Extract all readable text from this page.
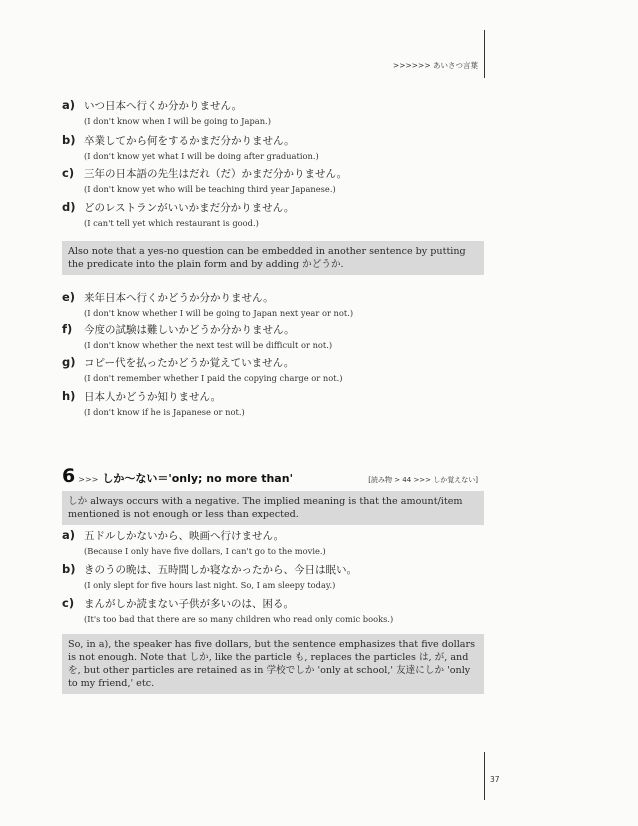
>>>>>> あいさつ言葉
37
a) いつ日本へ行くか分かりません。
(I don't know when I will be going to Japan.)
b) 卒業してから何をするかまだ分かりません。
(I don't know yet what I will be doing after graduation.)
c) 三年の日本語の先生はだれ（だ）かまだ分かりません。
(I don't know yet who will be teaching third year Japanese.)
d) どのレストランがいいかまだ分かりません。
(I can't tell yet which restaurant is good.)
Also note that a yes-no question can be embedded in another sentence by putting the predicate into the plain form and by adding かどうか.
e) 来年日本へ行くかどうか分かりません。
(I don't know whether I will be going to Japan next year or not.)
f)	今度の試験は難しいかどうか分かりません。
(I don't know whether the next test will be difficult or not.)
g) コピー代を払ったかどうか覚えていません。
(I don't remember whether I paid the copying charge or not.)
h) 日本人かどうか知りません。
(I don't know if he is Japanese or not.)
6 >>> しか～ない＝'only; no more than'	[読み物 > 44 >>> しか覚えない]
しか always occurs with a negative. The implied meaning is that the amount/item mentioned is not enough or less than expected.
a) 五ドルしかないから、映画へ行けません。
(Because I only have five dollars, I can't go to the movie.)
b) きのうの晩は、五時間しか寝なかったから、今日は眠い。
(I only slept for five hours last night. So, I am sleepy today.)
c) まんがしか読まない子供が多いのは、困る。
(It's too bad that there are so many children who read only comic books.)
So, in a), the speaker has five dollars, but the sentence emphasizes that five dollars is not enough. Note that しか, like the particle も, replaces the particles は, が, and を, but other particles are retained as in 学校でしか 'only at school,' 友達にしか 'only to my friend,' etc.
